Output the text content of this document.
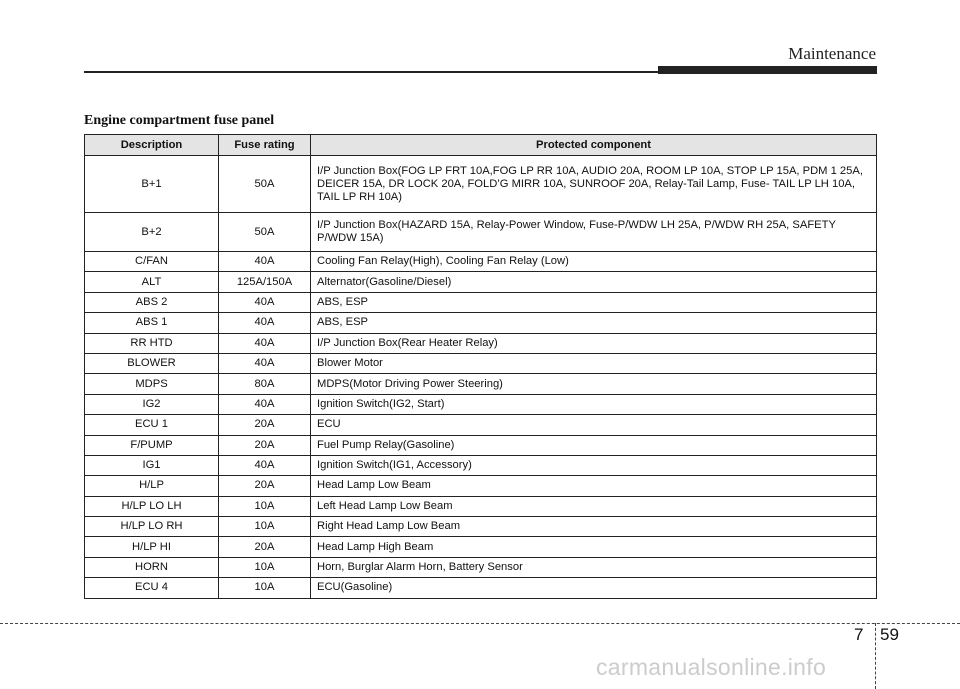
Maintenance
Engine compartment fuse panel
Description	Fuse rating	Protected component
B+1	50A	I/P Junction Box(FOG LP FRT 10A,FOG LP RR 10A, AUDIO 20A, ROOM LP 10A, STOP LP 15A, PDM 1 25A, DEICER 15A, DR LOCK 20A, FOLD’G MIRR 10A, SUNROOF 20A, Relay-Tail Lamp, Fuse- TAIL LP LH 10A, TAIL LP RH 10A)
B+2	50A	I/P Junction Box(HAZARD 15A, Relay-Power Window, Fuse-P/WDW LH 25A, P/WDW RH 25A, SAFETY P/WDW 15A)
C/FAN	40A	Cooling Fan Relay(High), Cooling Fan Relay (Low)
ALT	125A/150A	Alternator(Gasoline/Diesel)
ABS 2	40A	ABS, ESP
ABS 1	40A	ABS, ESP
RR HTD	40A	I/P Junction Box(Rear Heater Relay)
BLOWER	40A	Blower Motor
MDPS	80A	MDPS(Motor Driving Power Steering)
IG2	40A	Ignition Switch(IG2, Start)
ECU 1	20A	ECU
F/PUMP	20A	Fuel Pump Relay(Gasoline)
IG1	40A	Ignition Switch(IG1, Accessory)
H/LP	20A	Head Lamp Low Beam
H/LP LO LH	10A	Left Head Lamp Low Beam
H/LP LO RH	10A	Right Head Lamp Low Beam
H/LP HI	20A	Head Lamp High Beam
HORN	10A	Horn, Burglar Alarm Horn, Battery Sensor
ECU 4	10A	ECU(Gasoline)
7 59
carmanualsonline.info
